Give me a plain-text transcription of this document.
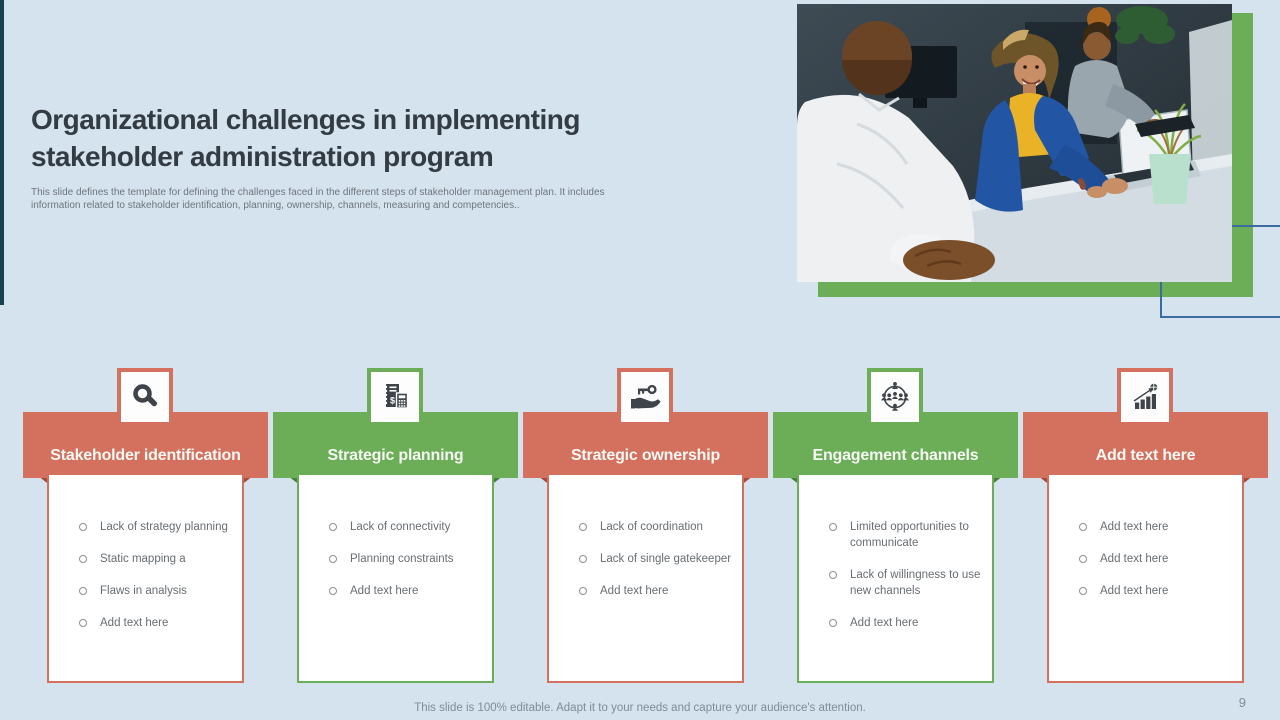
Organizational challenges in implementing stakeholder administration program

This slide defines the template for defining the challenges faced in the different steps of stakeholder management plan. It includes information related to stakeholder identification, planning, ownership, channels, measuring and competencies..

Stakeholder identification
Lack of strategy planning
Static mapping a
Flaws in analysis
Add text here
Strategic planning
Lack of connectivity
Planning constraints
Add text here
$
Strategic ownership
Lack of coordination
Lack of single gatekeeper
Add text here
Engagement channels
Limited opportunities to communicate
Lack of willingness to use new channels
Add text here
Add text here
Add text here
Add text here
Add text here
This slide is 100% editable. Adapt it to your needs and capture your audience's attention.	9
